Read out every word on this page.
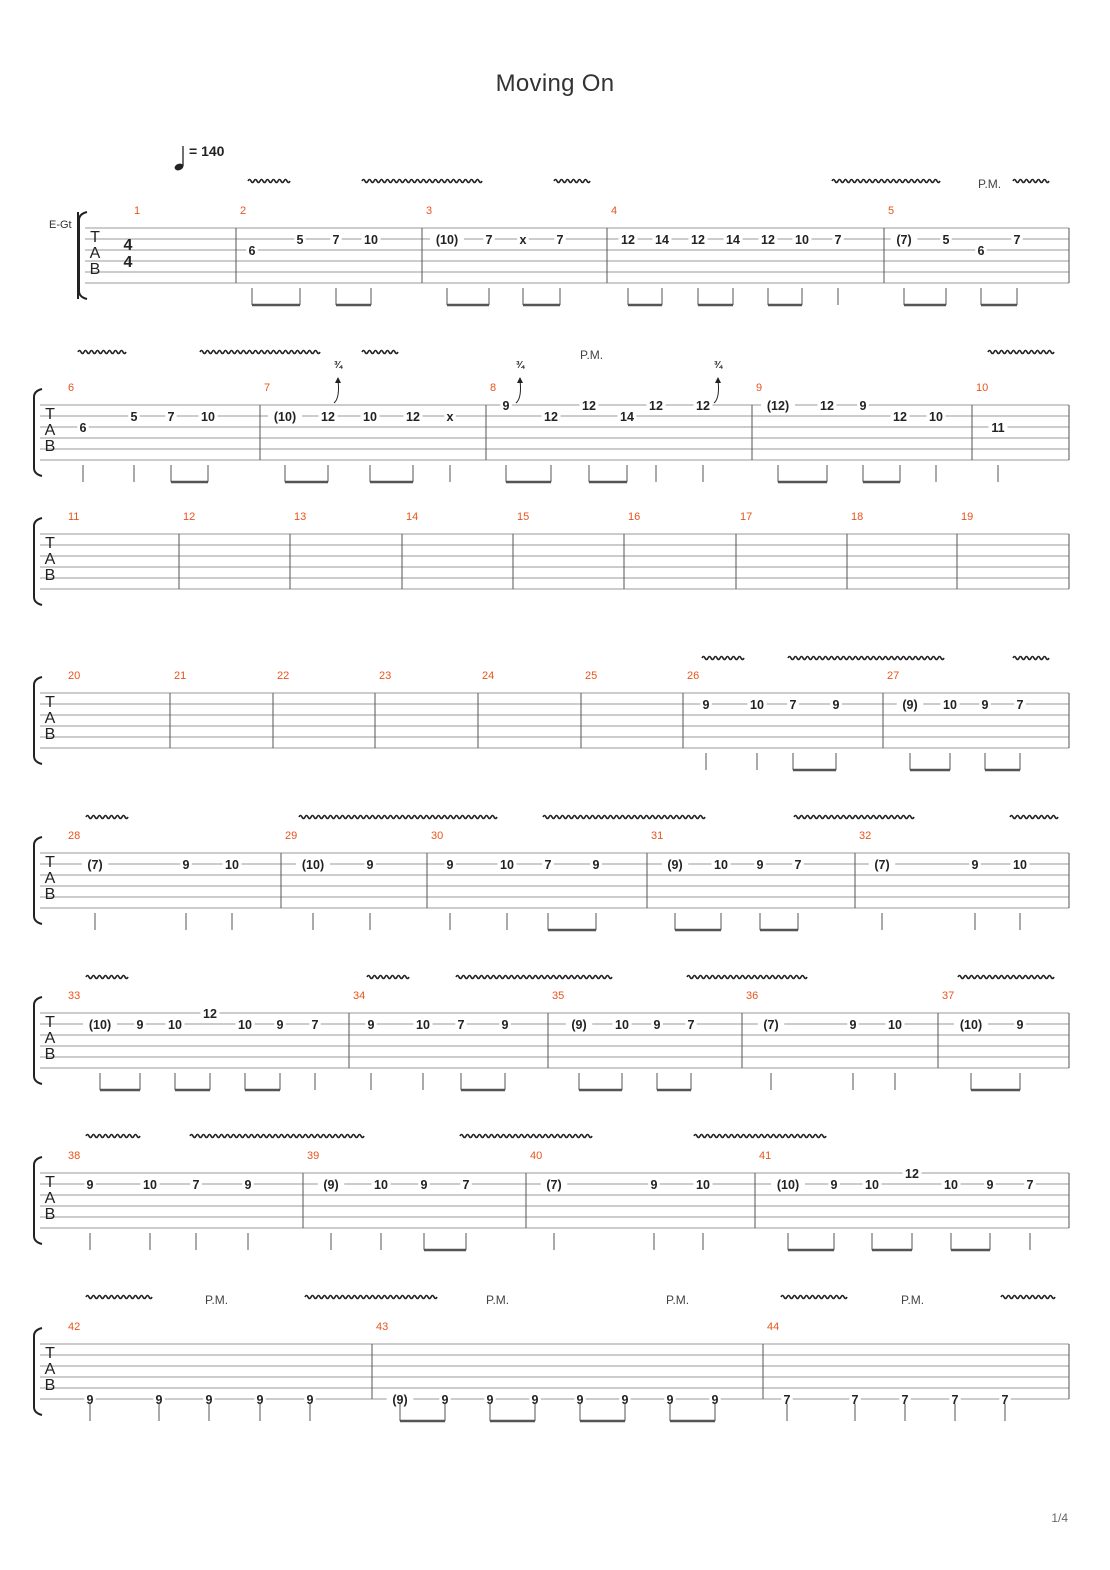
Moving On
= 140
E-Gt
T
A
B
4
4
1	2
6
5 7 10
3
(10) 7 x 7
4
12 14 12 14 12 10 7
5
(7) 5
6
7
T
A
B
6
6
5 7 10
7
(10) 12 10 12 x
8
9
12
12
14
12
12
9
(12) 12 9
12 10
10
11
T
A
B
11	12	13	14	15	16	17	18	19
T
A
B
20	21	22	23	24	25	26
9	10 7	9
27
(9) 10 9 7
T
A
B
28
(7)	9	10
29
(10)	9
30
9	10 7	9
31
(9)	10 9 7
32
(7)	9	10
T
A
B
33
(10) 9 10
12
10 9 7
34
9	10 7	9
35
(9) 10 9 7
36
(7)	9	10
37
(10)	9
T
A
B
38
9	10	7	9
39
(9)	10	9	7
40
(7)	9	10
41
(10)	9 10
12
10 9	7
T
A
B
42
9	9	9	9	9
43
(9)	9	9	9	9	9	9	9
44
7	7	7	7	7
P.M.
P.M.
P.M.	P.M.	P.M.	P.M.
¾	¾	¾
1/4
